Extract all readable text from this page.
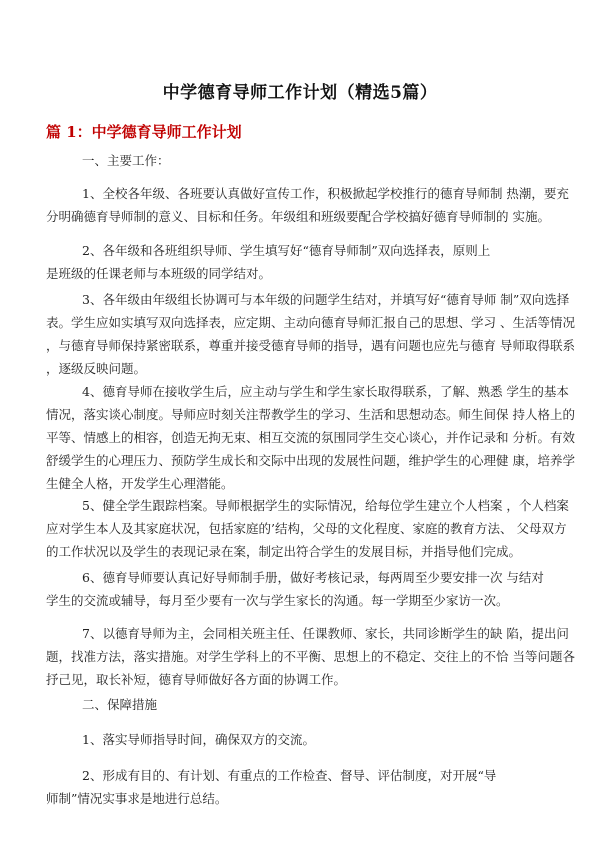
中学德育导师工作计划（精选5篇）
篇 1：中学德育导师工作计划
一、主要工作：
1、全校各年级、各班要认真做好宣传工作，积极掀起学校推行的德育导师制 热潮，要充
分明确德育导师制的意义、目标和任务。年级组和班级要配合学校搞好德育导师制的 实施。
2、各年级和各班组织导师、学生填写好“德育导师制”双向选择表，原则上
是班级的任课老师与本班级的同学结对。
3、各年级由年级组长协调可与本年级的问题学生结对，并填写好“德育导师 制”双向选择
表。学生应如实填写双向选择表，应定期、主动向德育导师汇报自己的思想、学习 、生活等情况
，与德育导师保持紧密联系，尊重并接受德育导师的指导，遇有问题也应先与德育 导师取得联系
，逐级反映问题。
4、德育导师在接收学生后，应主动与学生和学生家长取得联系，了解、熟悉 学生的基本
情况，落实谈心制度。导师应时刻关注帮教学生的学习、生活和思想动态。师生间保 持人格上的
平等、情感上的相容，创造无拘无束、相互交流的氛围同学生交心谈心，并作记录和 分析。有效
舒缓学生的心理压力、预防学生成长和交际中出现的发展性问题，维护学生的心理健 康，培养学
生健全人格，开发学生心理潜能。
5、健全学生跟踪档案。导师根据学生的实际情况，给每位学生建立个人档案 ，个人档案
应对学生本人及其家庭状况，包括家庭的’结构，父母的文化程度、家庭的教育方法、 父母双方
的工作状况以及学生的表现记录在案，制定出符合学生的发展目标，并指导他们完成。
6、德育导师要认真记好导师制手册，做好考核记录，每两周至少要安排一次 与结对
学生的交流或辅导，每月至少要有一次与学生家长的沟通。每一学期至少家访一次。
7、以德育导师为主，会同相关班主任、任课教师、家长，共同诊断学生的缺 陷，提出问
题，找准方法，落实措施。对学生学科上的不平衡、思想上的不稳定、交往上的不恰 当等问题各
抒己见，取长补短，德育导师做好各方面的协调工作。
二、保障措施
1、落实导师指导时间，确保双方的交流。
2、形成有目的、有计划、有重点的工作检查、督导、评估制度，对开展“导
师制”情况实事求是地进行总结。
